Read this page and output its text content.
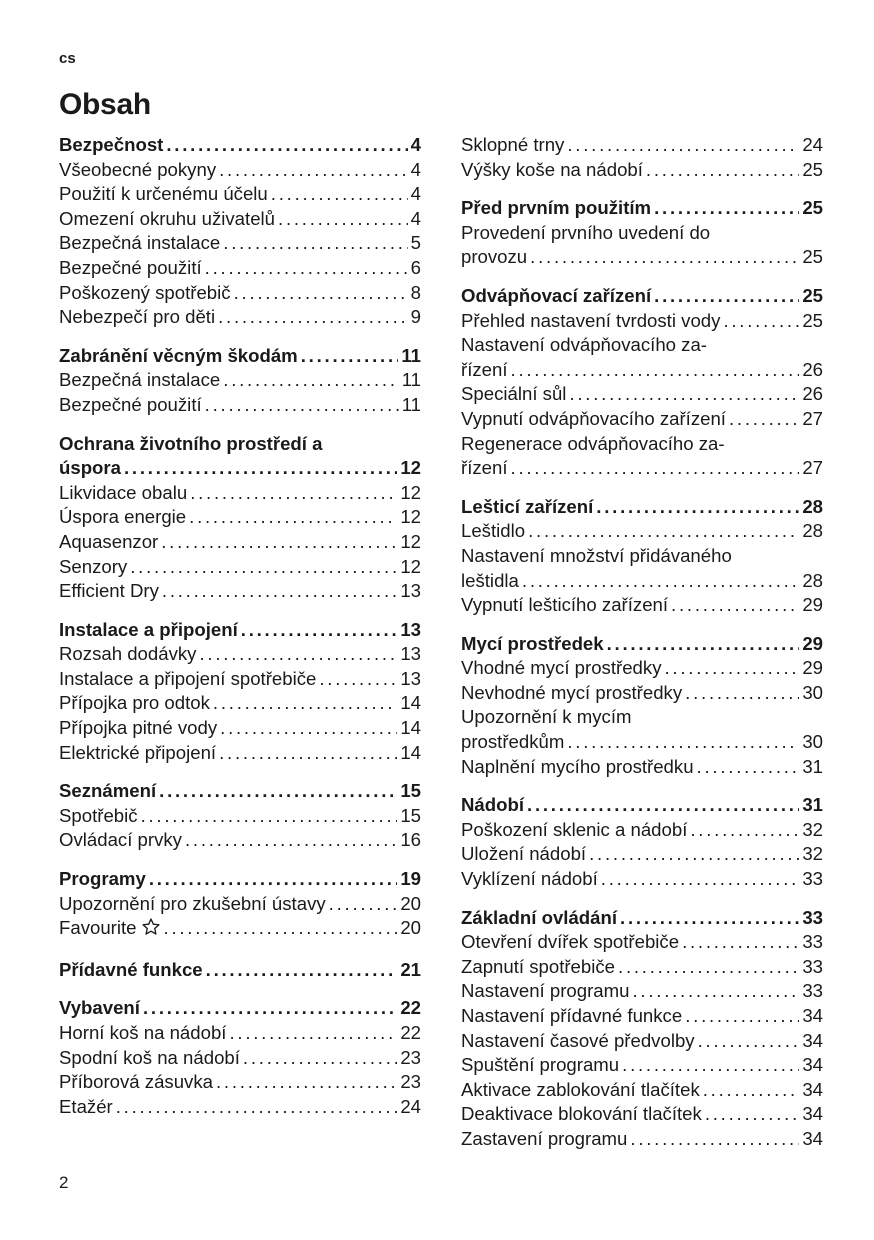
cs
Obsah
Bezpečnost . . .	4
Všeobecné pokyny . . .	4
Použití k určenému účelu . . .	4
Omezení okruhu uživatelů . . .	4
Bezpečná instalace . . .	5
Bezpečné použití . . .	6
Poškozený spotřebič . . .	8
Nebezpečí pro děti . . .	9
Zabránění věcným škodám . . .	11
Bezpečná instalace . . .	11
Bezpečné použití . . .	11
Ochrana životního prostředí a
úspora . . .	12
Likvidace obalu . . .	12
Úspora energie . . .	12
Aquasenzor . . .	12
Senzory . . .	12
Efficient Dry . . .	13
Instalace a připojení . . .	13
Rozsah dodávky . . .	13
Instalace a připojení spotřebiče . . .	13
Přípojka pro odtok . . .	14
Přípojka pitné vody . . .	14
Elektrické připojení . . .	14
Seznámení . . .	15
Spotřebič . . .	15
Ovládací prvky . . .	16
Programy . . .	19
Upozornění pro zkušební ústavy . . .	20
Favourite . . .	20
Přídavné funkce . . .	21
Vybavení . . .	22
Horní koš na nádobí . . .	22
Spodní koš na nádobí . . .	23
Příborová zásuvka . . .	23
Etažér . . .	24
Sklopné trny . . .	24
Výšky koše na nádobí . . .	25
Před prvním použitím . . .	25
Provedení prvního uvedení do
provozu . . .	25
Odvápňovací zařízení . . .	25
Přehled nastavení tvrdosti vody . . .	25
Nastavení odvápňovacího za-
řízení . . .	26
Speciální sůl . . .	26
Vypnutí odvápňovacího zařízení . . .	27
Regenerace odvápňovacího za-
řízení . . .	27
Lešticí zařízení . . .	28
Leštidlo . . .	28
Nastavení množství přidávaného
leštidla . . .	28
Vypnutí lešticího zařízení . . .	29
Mycí prostředek . . .	29
Vhodné mycí prostředky . . .	29
Nevhodné mycí prostředky . . .	30
Upozornění k mycím
prostředkům . . .	30
Naplnění mycího prostředku . . .	31
Nádobí . . .	31
Poškození sklenic a nádobí . . .	32
Uložení nádobí . . .	32
Vyklízení nádobí . . .	33
Základní ovládání . . .	33
Otevření dvířek spotřebiče . . .	33
Zapnutí spotřebiče . . .	33
Nastavení programu . . .	33
Nastavení přídavné funkce . . .	34
Nastavení časové předvolby . . .	34
Spuštění programu . . .	34
Aktivace zablokování tlačítek . . .	34
Deaktivace blokování tlačítek . . .	34
Zastavení programu . . .	34
2
